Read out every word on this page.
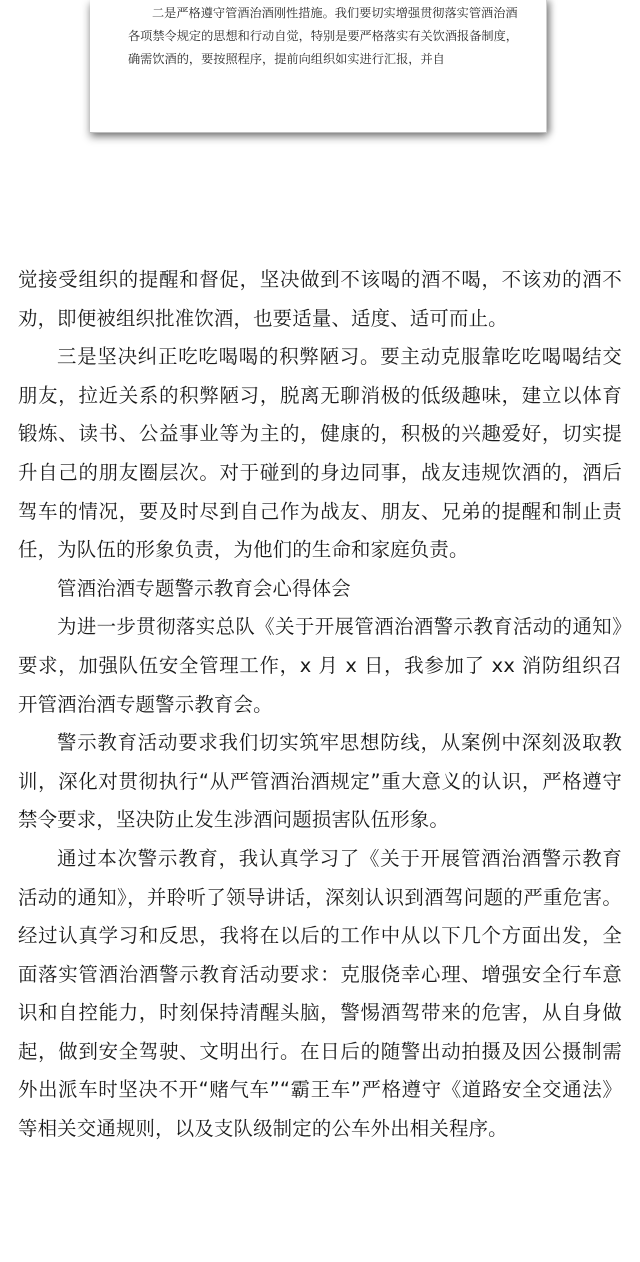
二是严格遵守管酒治酒刚性措施。我们要切实增强贯彻落实管酒治酒各项禁令规定的思想和行动自觉，特别是要严格落实有关饮酒报备制度，确需饮酒的，要按照程序，提前向组织如实进行汇报，并自

觉接受组织的提醒和督促，坚决做到不该喝的酒不喝，不该劝的酒不劝，即便被组织批准饮酒，也要适量、适度、适可而止。

三是坚决纠正吃吃喝喝的积弊陋习。要主动克服靠吃吃喝喝结交朋友，拉近关系的积弊陋习，脱离无聊消极的低级趣味，建立以体育锻炼、读书、公益事业等为主的，健康的，积极的兴趣爱好，切实提升自己的朋友圈层次。对于碰到的身边同事，战友违规饮酒的，酒后驾车的情况，要及时尽到自己作为战友、朋友、兄弟的提醒和制止责任，为队伍的形象负责，为他们的生命和家庭负责。

管酒治酒专题警示教育会心得体会

为进一步贯彻落实总队《关于开展管酒治酒警示教育活动的通知》要求，加强队伍安全管理工作，x 月 x 日，我参加了 xx 消防组织召开管酒治酒专题警示教育会。

警示教育活动要求我们切实筑牢思想防线，从案例中深刻汲取教训，深化对贯彻执行“从严管酒治酒规定”重大意义的认识，严格遵守禁令要求，坚决防止发生涉酒问题损害队伍形象。

通过本次警示教育，我认真学习了《关于开展管酒治酒警示教育活动的通知》，并聆听了领导讲话，深刻认识到酒驾问题的严重危害。经过认真学习和反思，我将在以后的工作中从以下几个方面出发，全面落实管酒治酒警示教育活动要求：克服侥幸心理、增强安全行车意识和自控能力，时刻保持清醒头脑，警惕酒驾带来的危害，从自身做起，做到安全驾驶、文明出行。在日后的随警出动拍摄及因公摄制需外出派车时坚决不开“赌气车”“霸王车”严格遵守《道路安全交通法》等相关交通规则，以及支队级制定的公车外出相关程序。
